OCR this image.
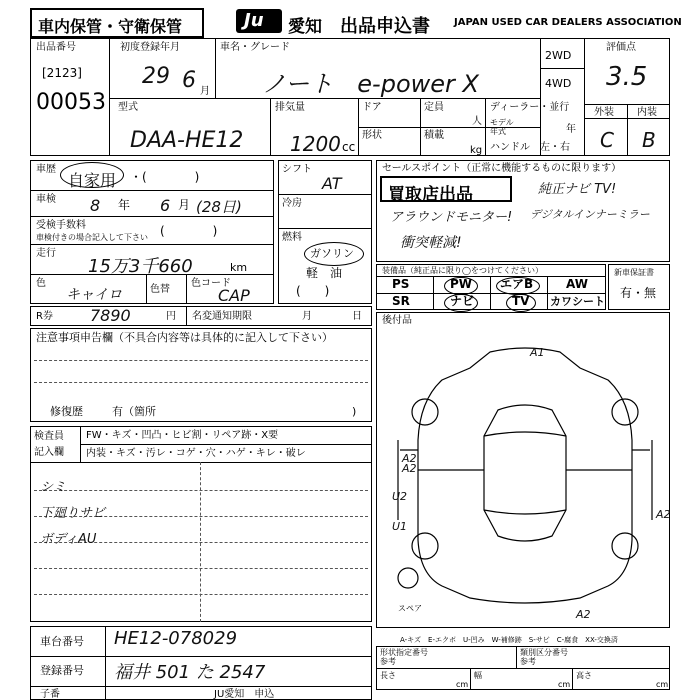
車内保管・守衛保管	Ju 愛知 出品申込書 JAPAN USED CAR DEALERS ASSOCIATION
出品番号
[2123]
00053
初度登録年月
29 6 月
車名・グレード
ノート　e-power X
2WD
4WD
評価点
3.5
外装 内装
C B
型式
DAA-HE12
排気量
1200 cc
ドア	定員
人
形状	積載
kg
ディーラー・並行
モデル
年式	年
ハンドル　左・右
車歴
自家用 ・(　　　　)
車検 8 年 6 月 (28日)
受検手数料
車検付きの場合記入して下さい (　　　　)
走行
15万3千660	km
色
キャイロ	色替
色コード
CAP
シフト
AT
冷房
燃料
ガソリン
軽　油
(　　)
R券 7890	円 名変通知期限	月	日
注意事項申告欄（不具合内容等は具体的に記入して下さい）
修復歴	有（箇所	)
セールスポイント（正常に機能するものに限ります）
買取店出品	純正ナビ TV!
アラウンドモニター! デジタルインナーミラー
衝突軽減!
装備品（純正品に限り◯をつけてください）
PS	PW エアB	AW
SR	ナビ	TV カワシート
新車保証書
有・無
後付品
A1
A2
A2
U2
U1
A2
A2
スペア
A-キズ　E-エクボ　U-凹み　W-補修跡　S-サビ　C-腐食　XX-交換済
検査員
記入欄
FW・キズ・凹凸・ヒビ割・リペア跡・X要
内装・キズ・汚レ・コゲ・穴・ハゲ・キレ・破レ
シミ
下廻りサビ
ボディAU
車台番号 HE12-078029
登録番号 福井 501 た 2547
子番	JU愛知　申込
形状指定番号
参考
類別区分番号
参考
長さ
cm
幅
cm
高さ
cm
